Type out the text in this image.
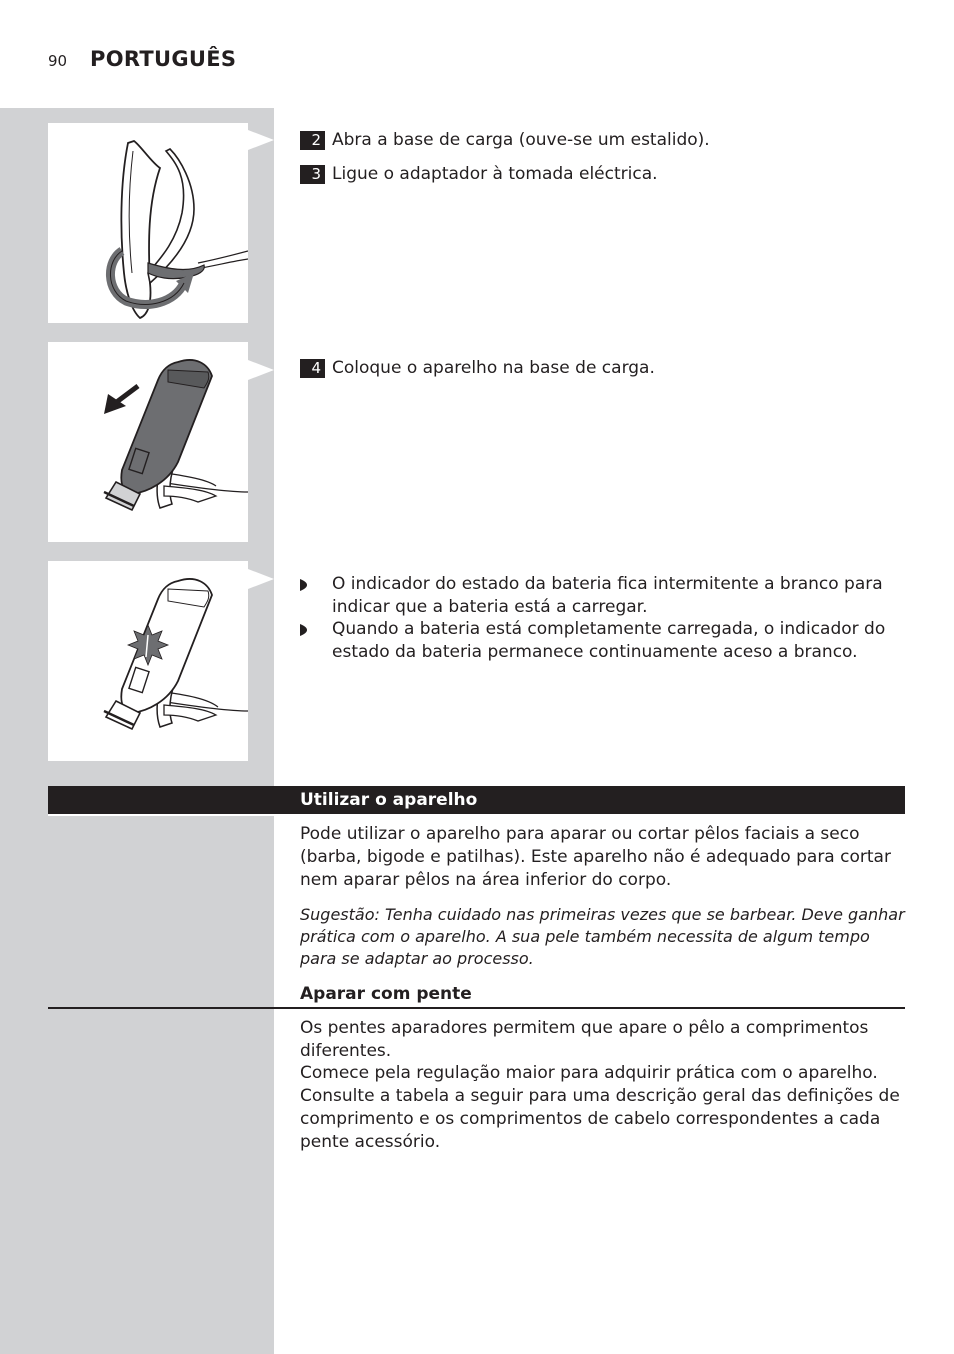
90 PORTUGUÊS
2 Abra a base de carga (ouve-se um estalido).
3 Ligue o adaptador à tomada eléctrica.
4 Coloque o aparelho na base de carga.
O indicador do estado da bateria fica intermitente a branco para indicar que a bateria está a carregar.
Quando a bateria está completamente carregada, o indicador do estado da bateria permanece continuamente aceso a branco.
Utilizar o aparelho
Pode utilizar o aparelho para aparar ou cortar pêlos faciais a seco (barba, bigode e patilhas). Este aparelho não é adequado para cortar nem aparar pêlos na área inferior do corpo.
Sugestão: Tenha cuidado nas primeiras vezes que se barbear. Deve ganhar prática com o aparelho. A sua pele também necessita de algum tempo para se adaptar ao processo.
Aparar com pente
Os pentes aparadores permitem que apare o pêlo a comprimentos diferentes.
Comece pela regulação maior para adquirir prática com o aparelho. Consulte a tabela a seguir para uma descrição geral das definições de comprimento e os comprimentos de cabelo correspondentes a cada pente acessório.
